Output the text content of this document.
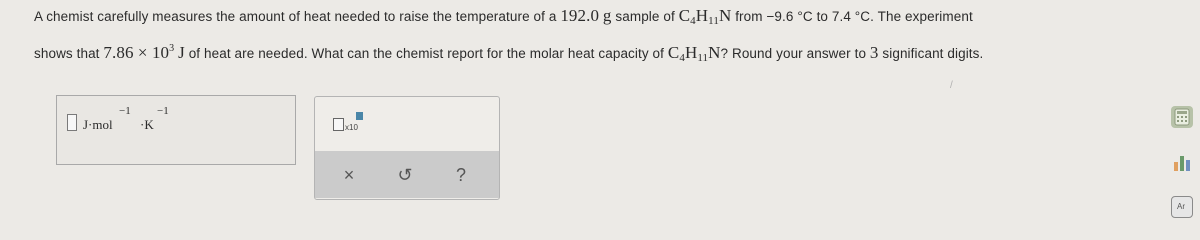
A chemist carefully measures the amount of heat needed to raise the temperature of a 192.0 g sample of $C_4H_{11}N$ from −9.6 °C to 7.4 °C. The experiment
shows that $7.86 \times 10^3$ J of heat are needed. What can the chemist report for the molar heat capacity of $C_4H_{11}N$? Round your answer to 3 significant digits.
/
J·mol
−1
·K
−1
x10
× ↺ ?
Ar
